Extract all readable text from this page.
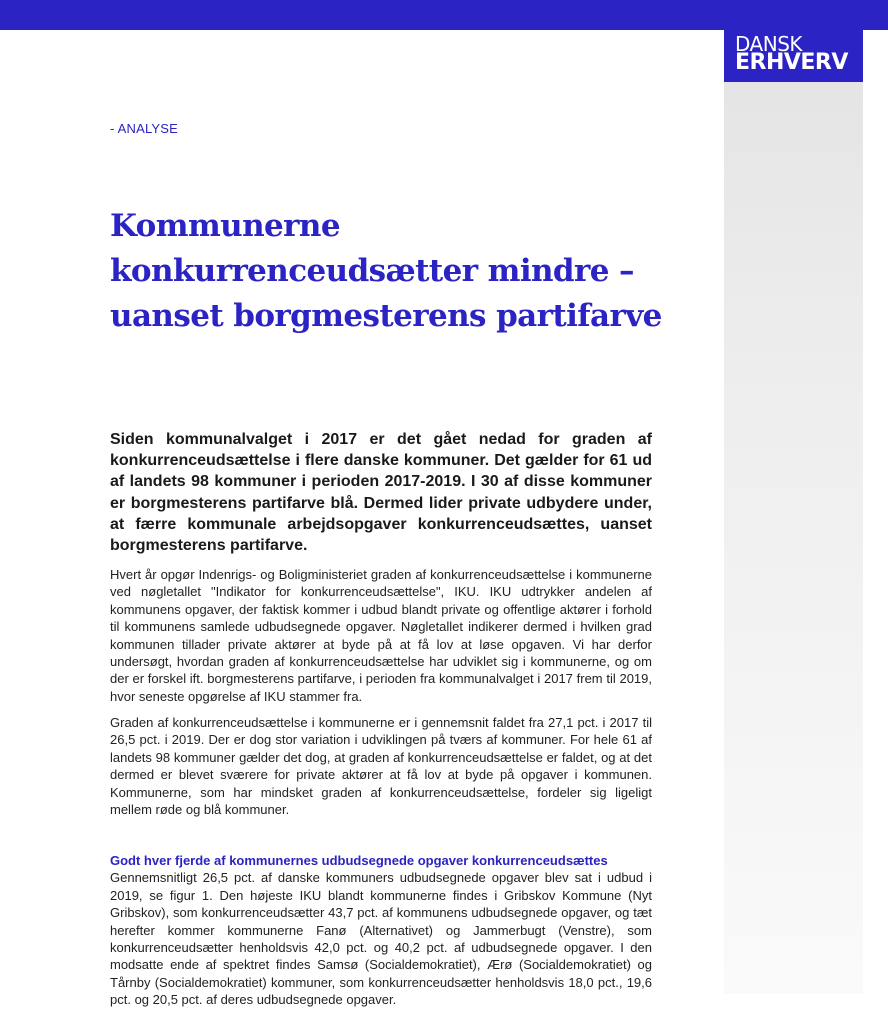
DANSK
ERHVERV
- ANALYSE
Kommunerne konkurrenceudsætter mindre – uanset borgmesterens partifarve

Siden kommunalvalget i 2017 er det gået nedad for graden af konkurrenceudsættelse i flere danske kommuner. Det gælder for 61 ud af landets 98 kommuner i perioden 2017-2019. I 30 af disse kommuner er borgmesterens partifarve blå. Dermed lider private udbydere under, at færre kommunale arbejdsopgaver konkurrenceudsættes, uanset borgmesterens partifarve.

Hvert år opgør Indenrigs- og Boligministeriet graden af konkurrenceudsættelse i kommunerne ved nøgletallet "Indikator for konkurrenceudsættelse", IKU. IKU udtrykker andelen af kommunens opgaver, der faktisk kommer i udbud blandt private og offentlige aktører i forhold til kommunens samlede udbudsegnede opgaver. Nøgletallet indikerer dermed i hvilken grad kommunen tillader private aktører at byde på at få lov at løse opgaven. Vi har derfor undersøgt, hvordan graden af konkurrenceudsættelse har udviklet sig i kommunerne, og om der er forskel ift. borgmesterens partifarve, i perioden fra kommunalvalget i 2017 frem til 2019, hvor seneste opgørelse af IKU stammer fra.

Graden af konkurrenceudsættelse i kommunerne er i gennemsnit faldet fra 27,1 pct. i 2017 til 26,5 pct. i 2019. Der er dog stor variation i udviklingen på tværs af kommuner. For hele 61 af landets 98 kommuner gælder det dog, at graden af konkurrenceudsættelse er faldet, og at det dermed er blevet sværere for private aktører at få lov at byde på opgaver i kommunen. Kommunerne, som har mindsket graden af konkurrenceudsættelse, fordeler sig ligeligt mellem røde og blå kommuner.

Godt hver fjerde af kommunernes udbudsegnede opgaver konkurrenceudsættes
Gennemsnitligt 26,5 pct. af danske kommuners udbudsegnede opgaver blev sat i udbud i 2019, se figur 1. Den højeste IKU blandt kommunerne findes i Gribskov Kommune (Nyt Gribskov), som konkurrenceudsætter 43,7 pct. af kommunens udbudsegnede opgaver, og tæt herefter kommer kommunerne Fanø (Alternativet) og Jammerbugt (Venstre), som konkurrenceudsætter henholdsvis 42,0 pct. og 40,2 pct. af udbudsegnede opgaver. I den modsatte ende af spektret findes Samsø (Socialdemokratiet), Ærø (Socialdemokratiet) og Tårnby (Socialdemokratiet) kommuner, som konkurrenceudsætter henholdsvis 18,0 pct., 19,6 pct. og 20,5 pct. af deres udbudsegnede opgaver.
